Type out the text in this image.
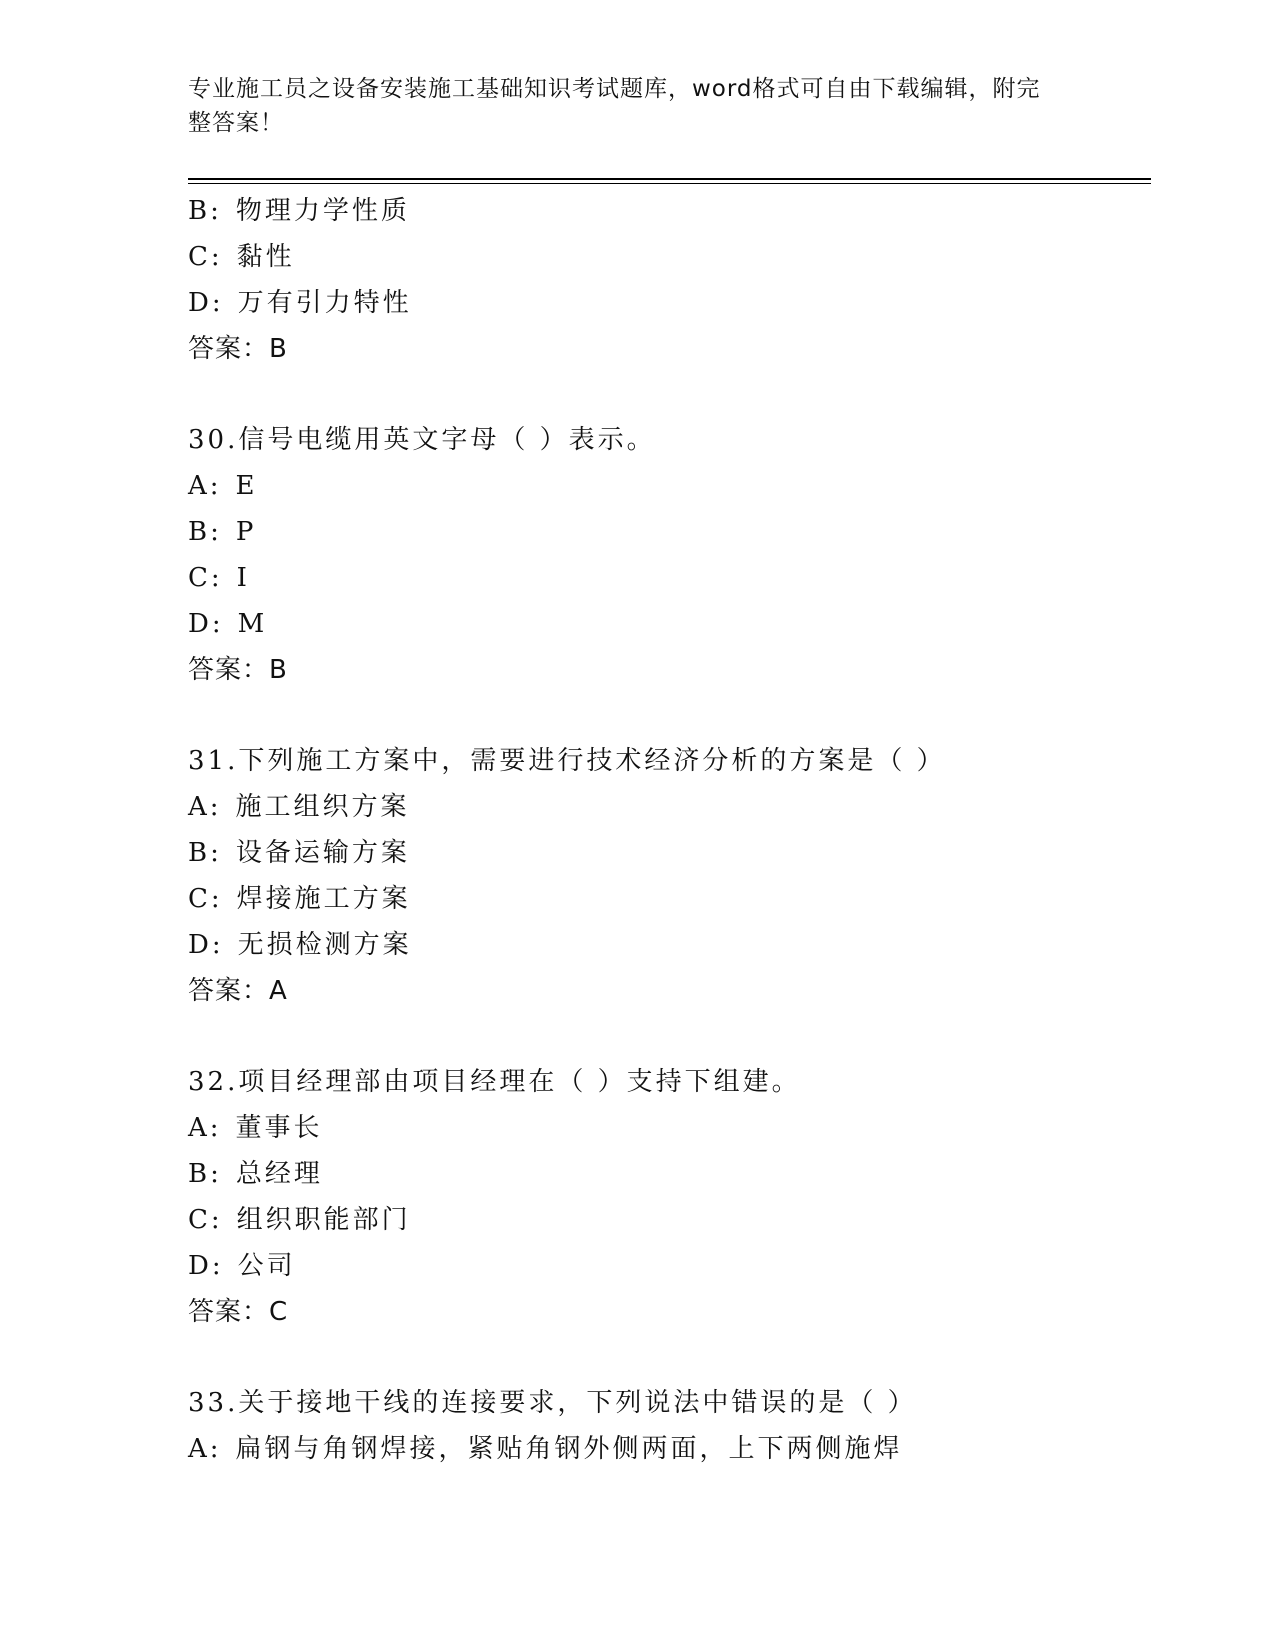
专业施工员之设备安装施工基础知识考试题库，word格式可自由下载编辑，附完
整答案！
B: 物理力学性质
C: 黏性
D: 万有引力特性
答案：B
30.信号电缆用英文字母（ ）表示。
A: E
B: P
C: I
D: M
答案：B
31.下列施工方案中，需要进行技术经济分析的方案是（ ）
A: 施工组织方案
B: 设备运输方案
C: 焊接施工方案
D: 无损检测方案
答案：A
32.项目经理部由项目经理在（ ）支持下组建。
A: 董事长
B: 总经理
C: 组织职能部门
D: 公司
答案：C
33.关于接地干线的连接要求，下列说法中错误的是（ ）
A: 扁钢与角钢焊接，紧贴角钢外侧两面，上下两侧施焊
